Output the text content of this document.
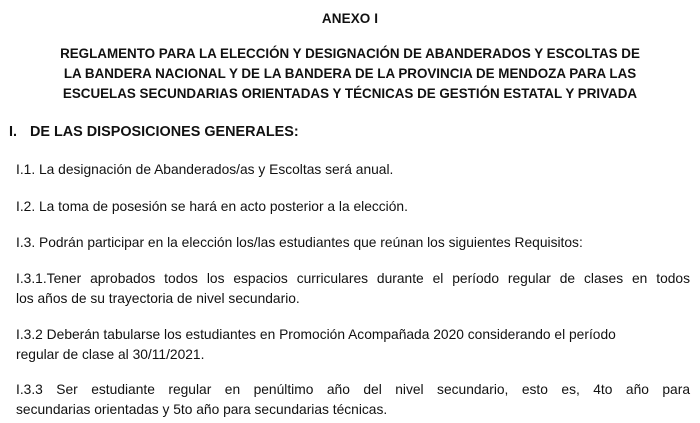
ANEXO I

REGLAMENTO PARA LA ELECCIÓN Y DESIGNACIÓN DE ABANDERADOS Y ESCOLTAS DE
LA BANDERA NACIONAL Y DE LA BANDERA DE LA PROVINCIA DE MENDOZA PARA LAS
ESCUELAS SECUNDARIAS ORIENTADAS Y TÉCNICAS DE GESTIÓN ESTATAL Y PRIVADA
I. DE LAS DISPOSICIONES GENERALES:

I.1. La designación de Abanderados/as y Escoltas será anual.

I.2. La toma de posesión se hará en acto posterior a la elección.

I.3. Podrán participar en la elección los/las estudiantes que reúnan los siguientes Requisitos:

I.3.1.Tener aprobados todos los espacios curriculares durante el período regular de clases en todos
los años de su trayectoria de nivel secundario.

I.3.2 Deberán tabularse los estudiantes en Promoción Acompañada 2020 considerando el período
regular de clase al 30/11/2021.

I.3.3 Ser estudiante regular en penúltimo año del nivel secundario, esto es, 4to año para
secundarias orientadas y 5to año para secundarias técnicas.
